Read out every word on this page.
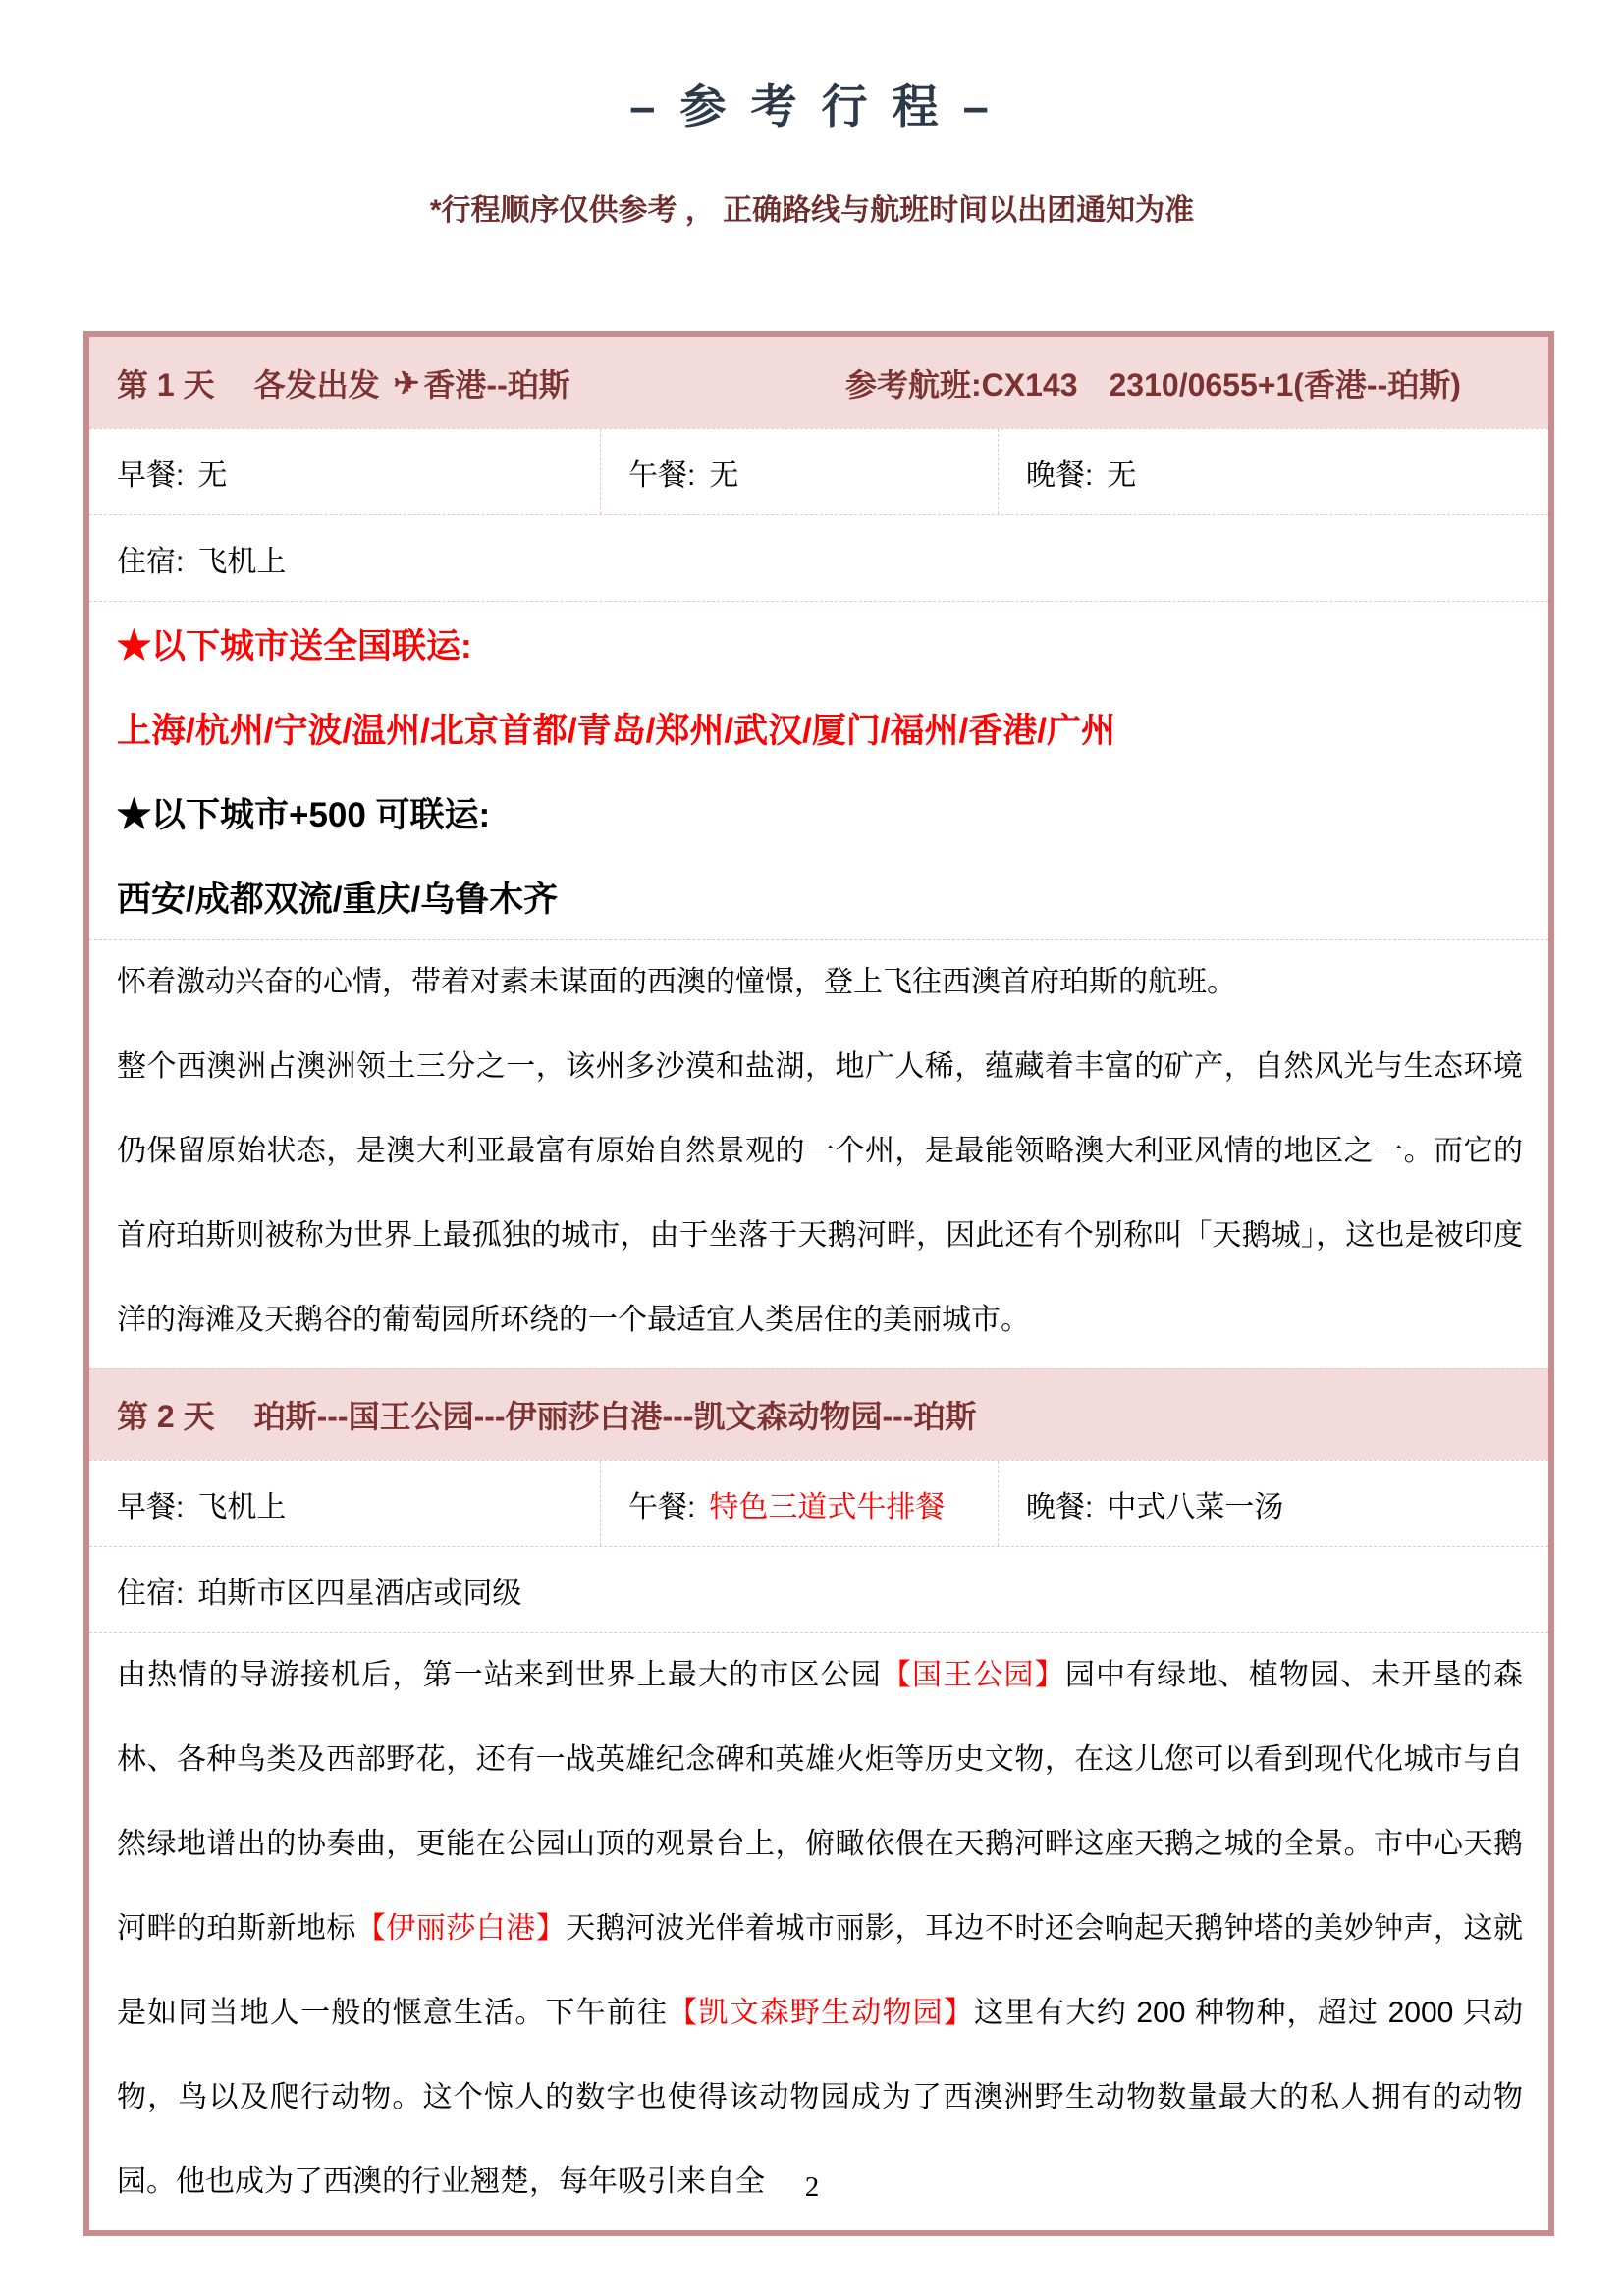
– 参 考 行 程 –
*行程顺序仅供参考 ， 正确路线与航班时间以出团通知为准
第 1 天 各发出发 ✈ 香港--珀斯	参考航班:CX143　2310/0655+1(香港--珀斯)
早餐: 无	午餐: 无	晚餐: 无
住宿: 飞机上
★以下城市送全国联运:
上海/杭州/宁波/温州/北京首都/青岛/郑州/武汉/厦门/福州/香港/广州
★以下城市+500 可联运:
西安/成都双流/重庆/乌鲁木齐

怀着激动兴奋的心情，带着对素未谋面的西澳的憧憬，登上飞往西澳首府珀斯的航班。

整个西澳洲占澳洲领土三分之一，该州多沙漠和盐湖，地广人稀，蕴藏着丰富的矿产，自然风光与生态环境仍保留原始状态，是澳大利亚最富有原始自然景观的一个州，是最能领略澳大利亚风情的地区之一。而它的首府珀斯则被称为世界上最孤独的城市，由于坐落于天鹅河畔，因此还有个别称叫「天鹅城」，这也是被印度洋的海滩及天鹅谷的葡萄园所环绕的一个最适宜人类居住的美丽城市。

第 2 天 珀斯---国王公园---伊丽莎白港---凯文森动物园---珀斯
早餐: 飞机上	午餐: 特色三道式牛排餐	晚餐: 中式八菜一汤
住宿: 珀斯市区四星酒店或同级

由热情的导游接机后，第一站来到世界上最大的市区公园【国王公园】园中有绿地、植物园、未开垦的森林、各种鸟类及西部野花，还有一战英雄纪念碑和英雄火炬等历史文物，在这儿您可以看到现代化城市与自然绿地谱出的协奏曲，更能在公园山顶的观景台上，俯瞰依偎在天鹅河畔这座天鹅之城的全景。市中心天鹅河畔的珀斯新地标【伊丽莎白港】天鹅河波光伴着城市丽影，耳边不时还会响起天鹅钟塔的美妙钟声，这就是如同当地人一般的惬意生活。下午前往【凯文森野生动物园】这里有大约 200 种物种，超过 2000 只动物，鸟以及爬行动物。这个惊人的数字也使得该动物园成为了西澳洲野生动物数量最大的私人拥有的动物园。他也成为了西澳的行业翘楚，每年吸引来自全	2
